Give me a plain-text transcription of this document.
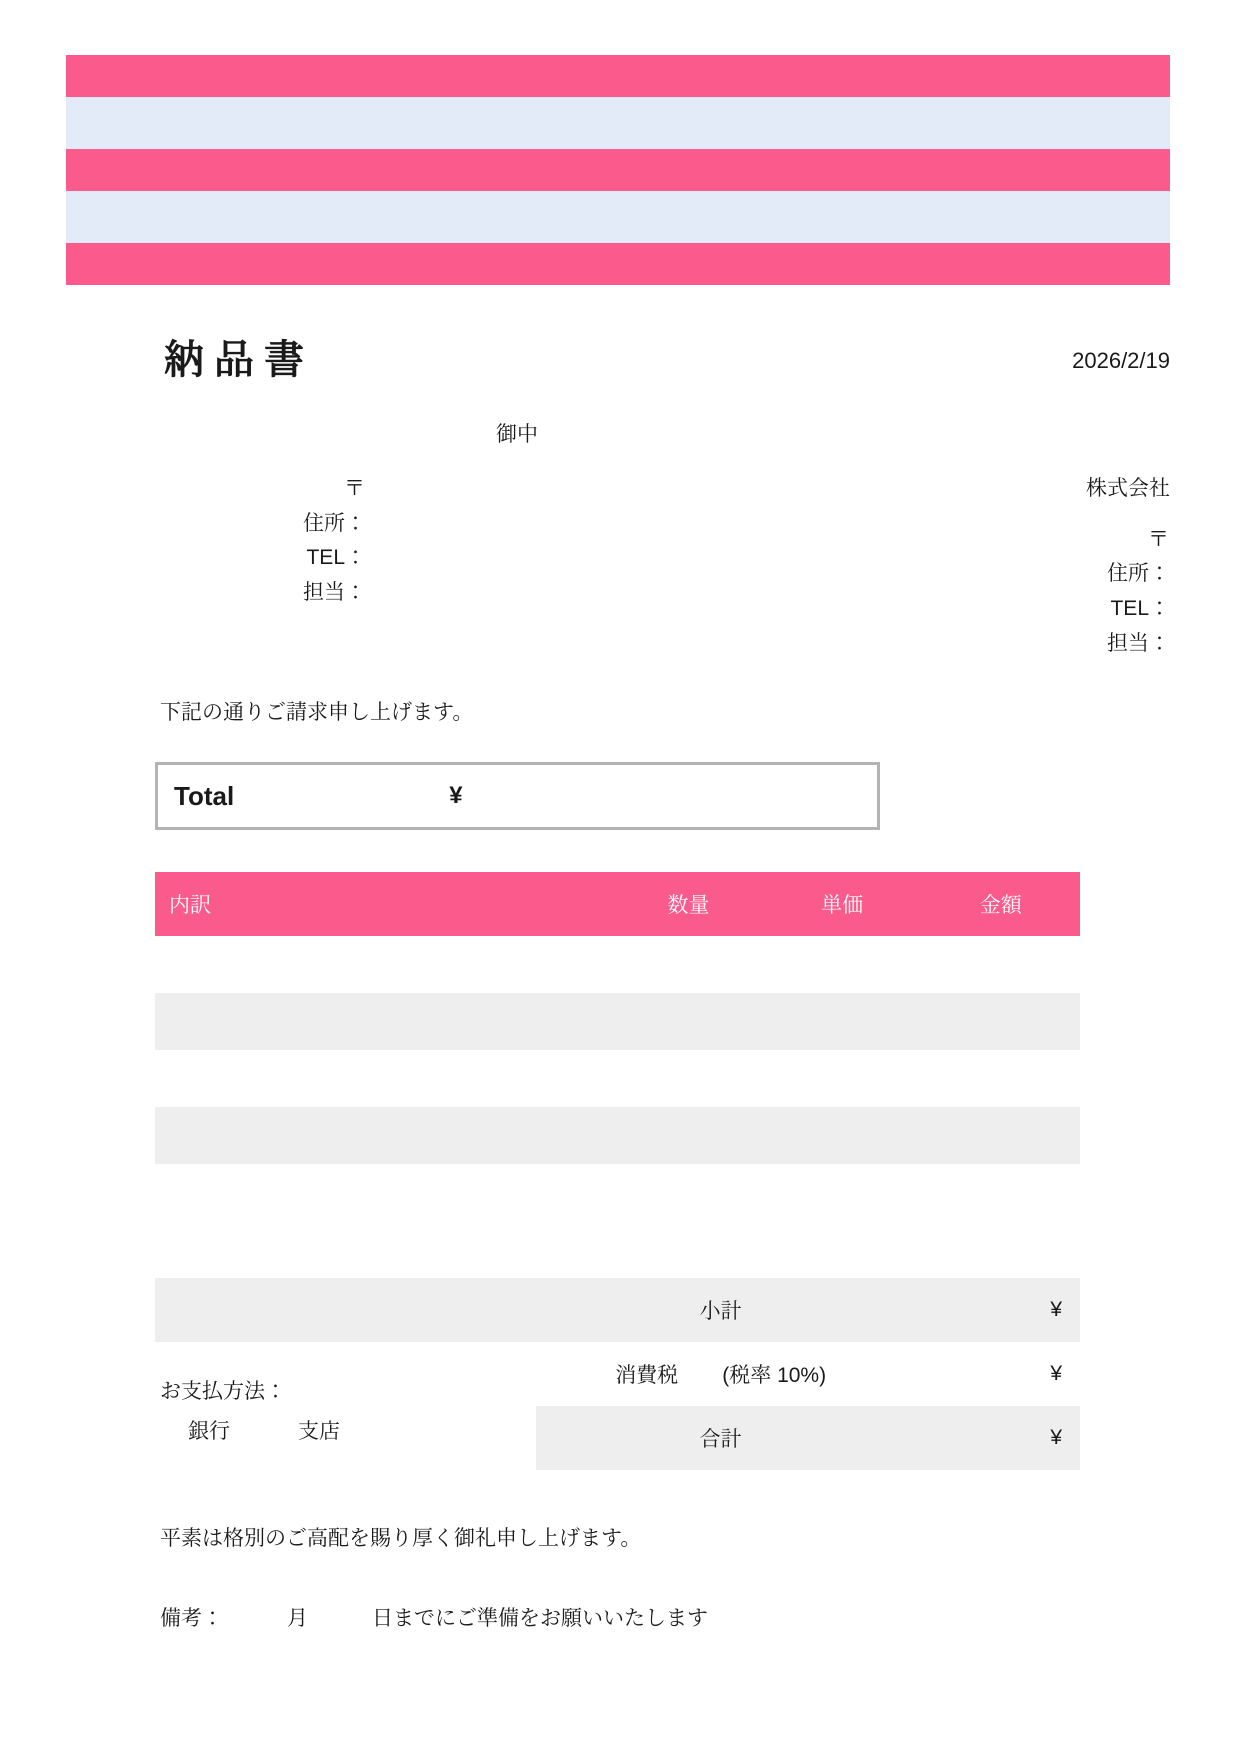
納品書	2026/2/19
御中
〒
住所：
TEL：
担当：
株式会社
〒
住所：
TEL：
担当：
下記の通りご請求申し上げます。
Total	¥
内訳	数量	単価	金額

	小計	¥
	消費税 (税率 10%)	¥
	合計	¥
お支払方法：
銀行	支店
平素は格別のご高配を賜り厚く御礼申し上げます。
備考：	月	日までにご準備をお願いいたします
